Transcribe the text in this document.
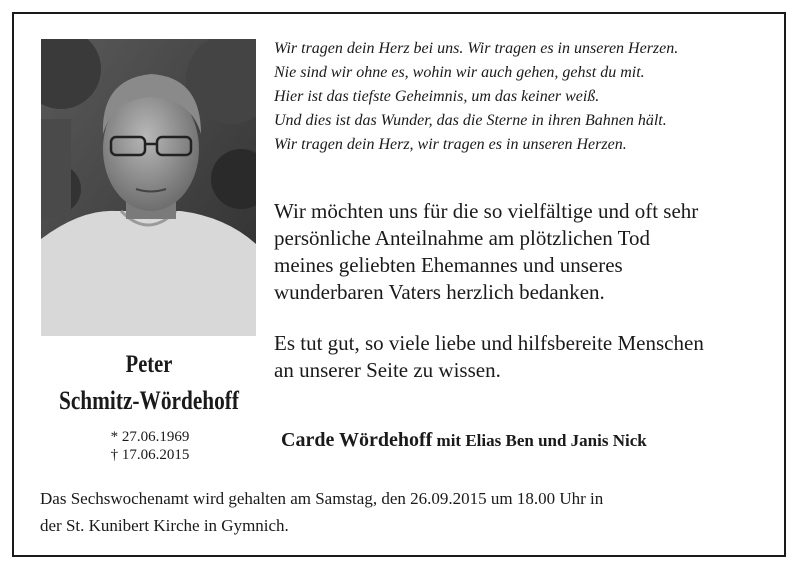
Peter
Schmitz-Wördehoff
* 27.06.1969
† 17.06.2015
Wir tragen dein Herz bei uns. Wir tragen es in unseren Herzen.
Nie sind wir ohne es, wohin wir auch gehen, gehst du mit.
Hier ist das tiefste Geheimnis, um das keiner weiß.
Und dies ist das Wunder, das die Sterne in ihren Bahnen hält.
Wir tragen dein Herz, wir tragen es in unseren Herzen.
Wir möchten uns für die so vielfältige und oft sehr
persönliche Anteilnahme am plötzlichen Tod
meines geliebten Ehemannes und unseres
wunderbaren Vaters herzlich bedanken.
Es tut gut, so viele liebe und hilfsbereite Menschen
an unserer Seite zu wissen.
Carde Wördehoff mit Elias Ben und Janis Nick
Das Sechswochenamt wird gehalten am Samstag, den 26.09.2015 um 18.00 Uhr in
der St. Kunibert Kirche in Gymnich.
